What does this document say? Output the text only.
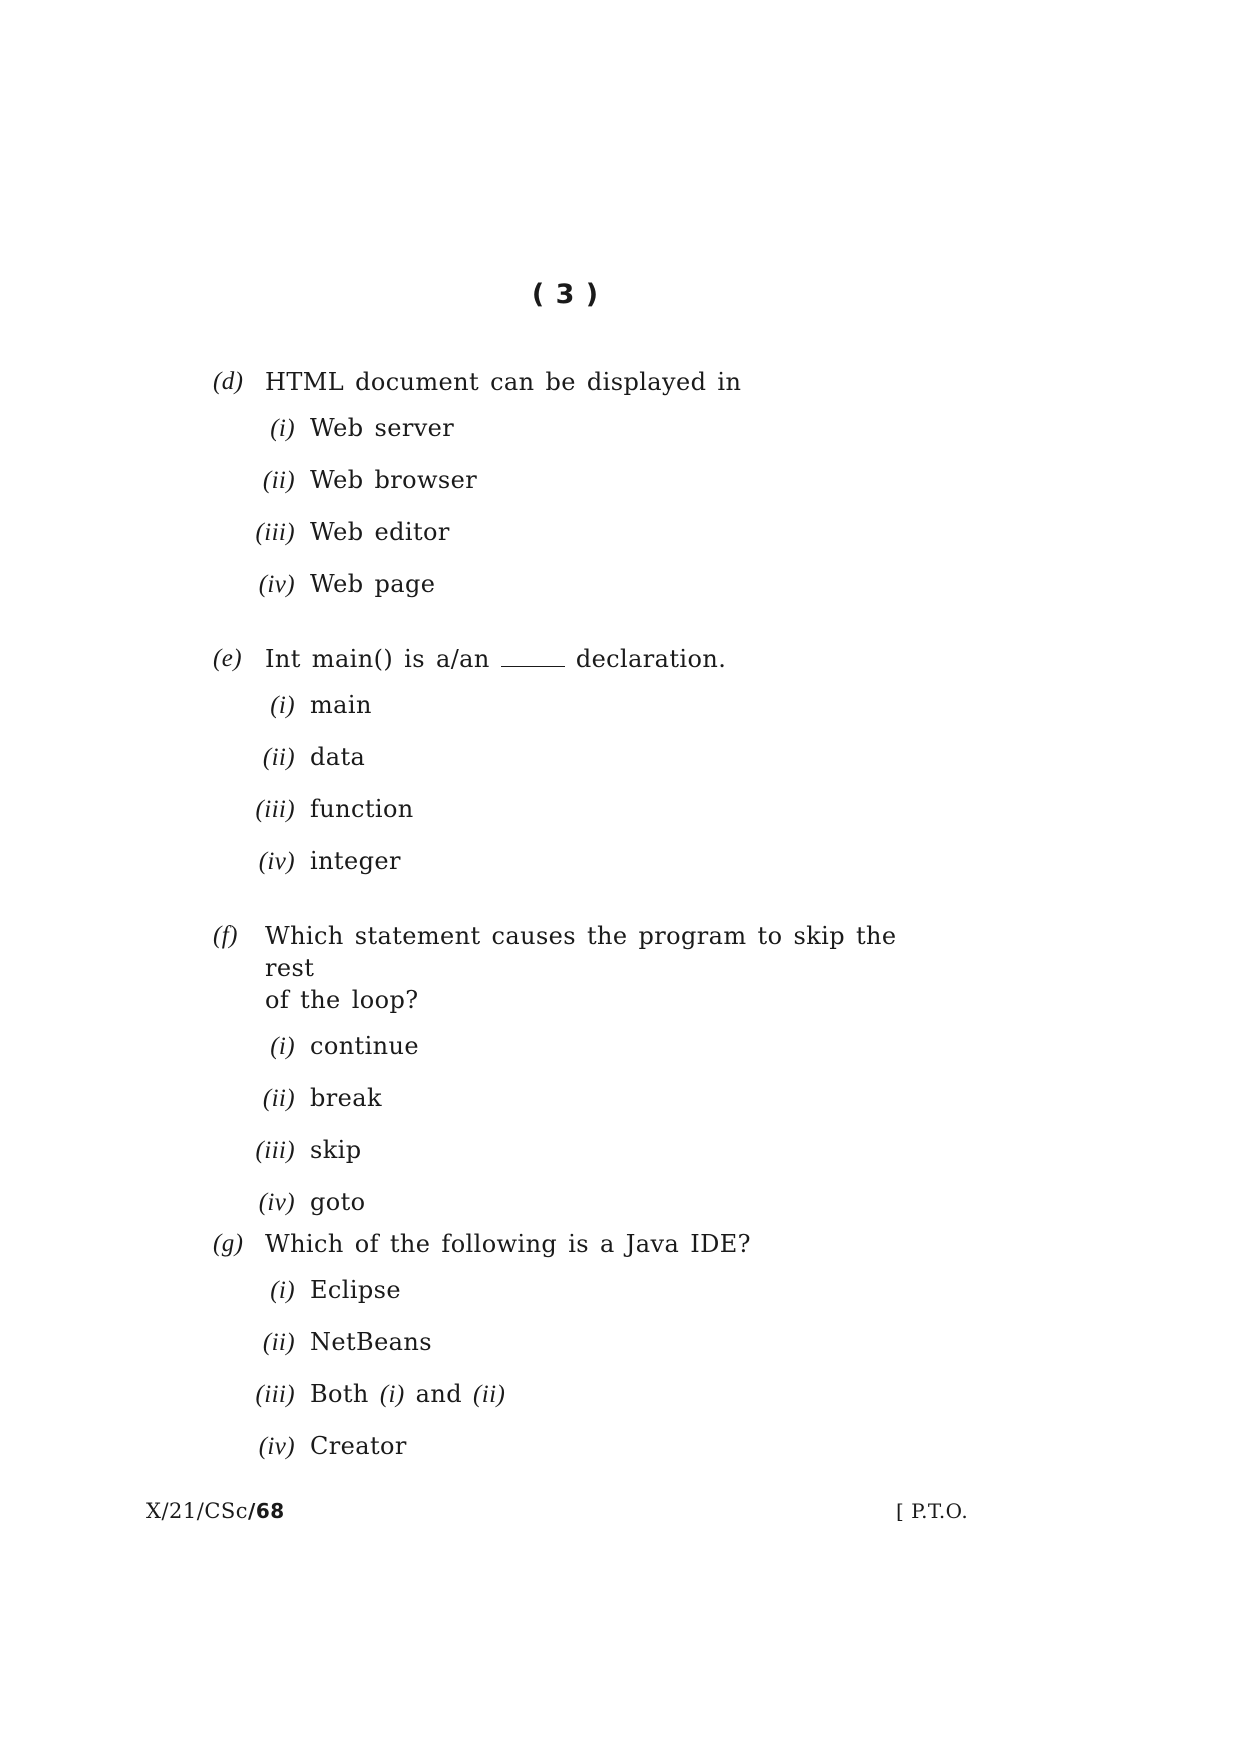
( 3 )
(d) HTML document can be displayed in
(i) Web server
(ii) Web browser
(iii) Web editor
(iv) Web page
(e) Int main() is a/an	declaration.
(i) main
(ii) data
(iii) function
(iv) integer
(f)	Which statement causes the program to skip the rest
of the loop?
(i) continue
(ii) break
(iii) skip
(iv) goto
(g) Which of the following is a Java IDE?
(i) Eclipse
(ii) NetBeans
(iii) Both (i) and (ii)
(iv) Creator
X/21/CSc/68	[ P.T.O.
